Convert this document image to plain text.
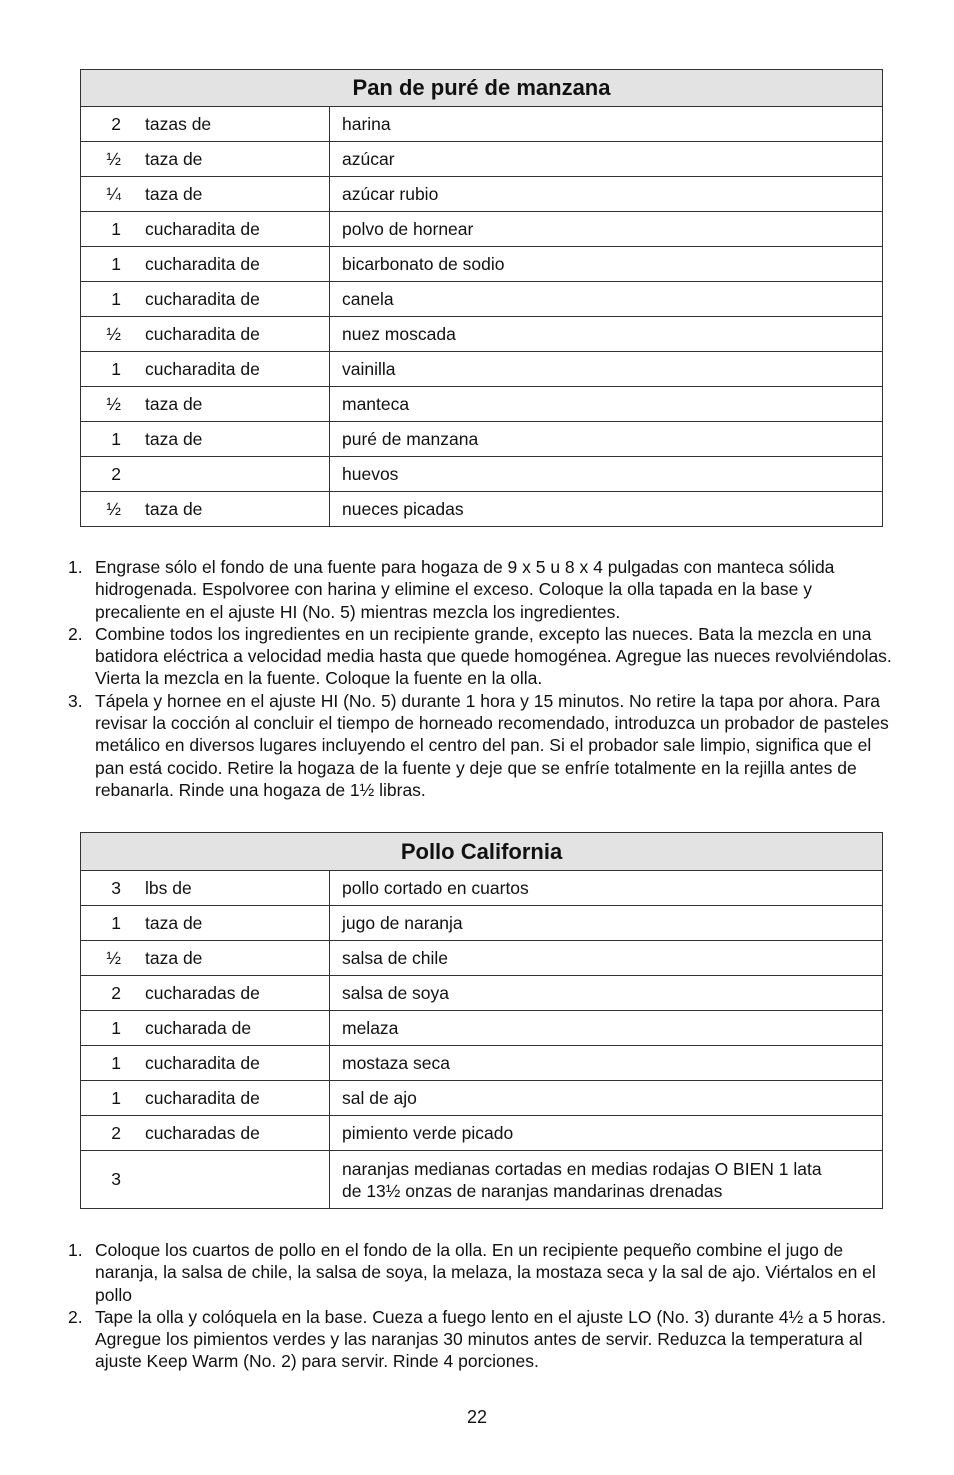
Pan de puré de manzana	
2 tazas de	harina
½ taza de	azúcar
¼ taza de	azúcar rubio
1 cucharadita de	polvo de hornear
1 cucharadita de	bicarbonato de sodio
1 cucharadita de	canela
½ cucharadita de	nuez moscada
1 cucharadita de	vainilla
½ taza de	manteca
1 taza de	puré de manzana
2	huevos
½ taza de	nueces picadas
1. Engrase sólo el fondo de una fuente para hogaza de 9 x 5 u 8 x 4 pulgadas con manteca sólida hidrogenada. Espolvoree con harina y elimine el exceso. Coloque la olla tapada en la base y precaliente en el ajuste HI (No. 5) mientras mezcla los ingredientes.
2. Combine todos los ingredientes en un recipiente grande, excepto las nueces. Bata la mezcla en una batidora eléctrica a velocidad media hasta que quede homogénea. Agregue las nueces revolviéndolas. Vierta la mezcla en la fuente. Coloque la fuente en la olla.
3. Tápela y hornee en el ajuste HI (No. 5) durante 1 hora y 15 minutos. No retire la tapa por ahora. Para revisar la cocción al concluir el tiempo de horneado recomendado, introduzca un probador de pasteles metálico en diversos lugares incluyendo el centro del pan. Si el probador sale limpio, significa que el pan está cocido. Retire la hogaza de la fuente y deje que se enfríe totalmente en la rejilla antes de rebanarla. Rinde una hogaza de 1½ libras.
Pollo California	
3 lbs de	pollo cortado en cuartos
1 taza de	jugo de naranja
½ taza de	salsa de chile
2 cucharadas de	salsa de soya
1 cucharada de	melaza
1 cucharadita de	mostaza seca
1 cucharadita de	sal de ajo
2 cucharadas de	pimiento verde picado
3	naranjas medianas cortadas en medias rodajas O BIEN 1 lata de 13½ onzas de naranjas mandarinas drenadas
1. Coloque los cuartos de pollo en el fondo de la olla. En un recipiente pequeño combine el jugo de naranja, la salsa de chile, la salsa de soya, la melaza, la mostaza seca y la sal de ajo. Viértalos en el pollo
2. Tape la olla y colóquela en la base. Cueza a fuego lento en el ajuste LO (No. 3) durante 4½ a 5 horas. Agregue los pimientos verdes y las naranjas 30 minutos antes de servir. Reduzca la temperatura al ajuste Keep Warm (No. 2) para servir. Rinde 4 porciones.
22
